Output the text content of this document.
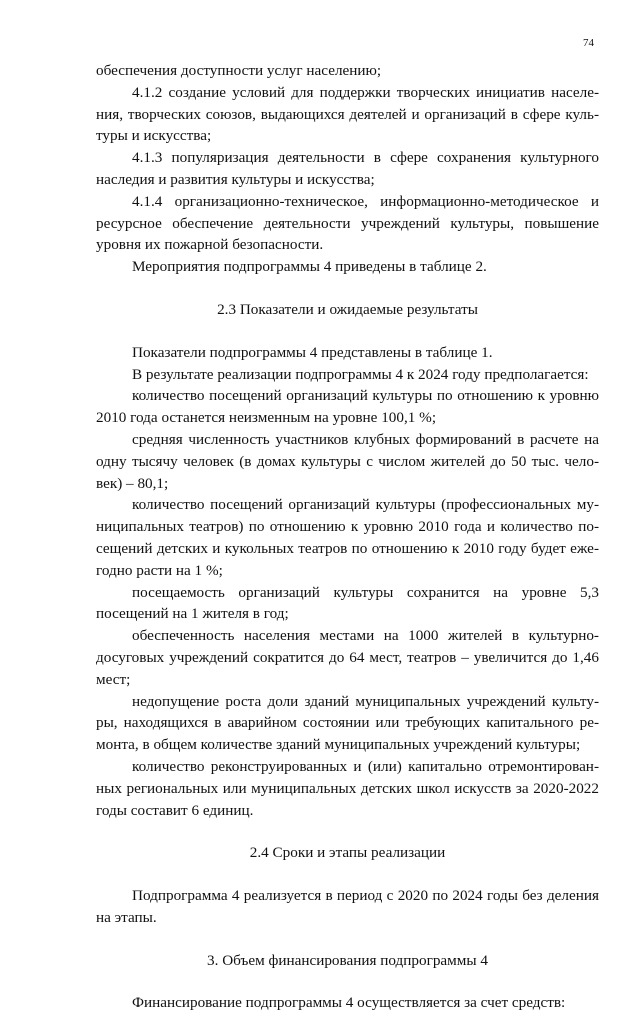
74

обеспечения доступности услуг населению;

4.1.2 создание условий для поддержки творческих инициатив населения, творческих союзов, выдающихся деятелей и организаций в сфере культуры и искусства;

4.1.3 популяризация деятельности в сфере сохранения культурного наследия и развития культуры и искусства;

4.1.4 организационно-техническое, информационно-методическое и ресурсное обеспечение деятельности учреждений культуры, повышение уровня их пожарной безопасности.

Мероприятия подпрограммы 4 приведены в таблице 2.

2.3 Показатели и ожидаемые результаты

Показатели подпрограммы 4 представлены в таблице 1.

В результате реализации подпрограммы 4 к 2024 году предполагается:

количество посещений организаций культуры по отношению к уровню 2010 года останется неизменным на уровне 100,1 %;

средняя численность участников клубных формирований в расчете на одну тысячу человек (в домах культуры с числом жителей до 50 тыс. человек) – 80,1;

количество посещений организаций культуры (профессиональных муниципальных театров) по отношению к уровню 2010 года и количество посещений детских и кукольных театров по отношению к 2010 году будет ежегодно расти на 1 %;

посещаемость организаций культуры сохранится на уровне 5,3 посещений на 1 жителя в год;

обеспеченность населения местами на 1000 жителей в культурно-досуговых учреждений сократится до 64 мест, театров – увеличится до 1,46 мест;

недопущение роста доли зданий муниципальных учреждений культуры, находящихся в аварийном состоянии или требующих капитального ремонта, в общем количестве зданий муниципальных учреждений культуры;

количество реконструированных и (или) капитально отремонтированных региональных или муниципальных детских школ искусств за 2020-2022 годы составит 6 единиц.

2.4 Сроки и этапы реализации

Подпрограмма 4 реализуется в период с 2020 по 2024 годы без деления на этапы.

3. Объем финансирования подпрограммы 4

Финансирование подпрограммы 4 осуществляется за счет средств:
